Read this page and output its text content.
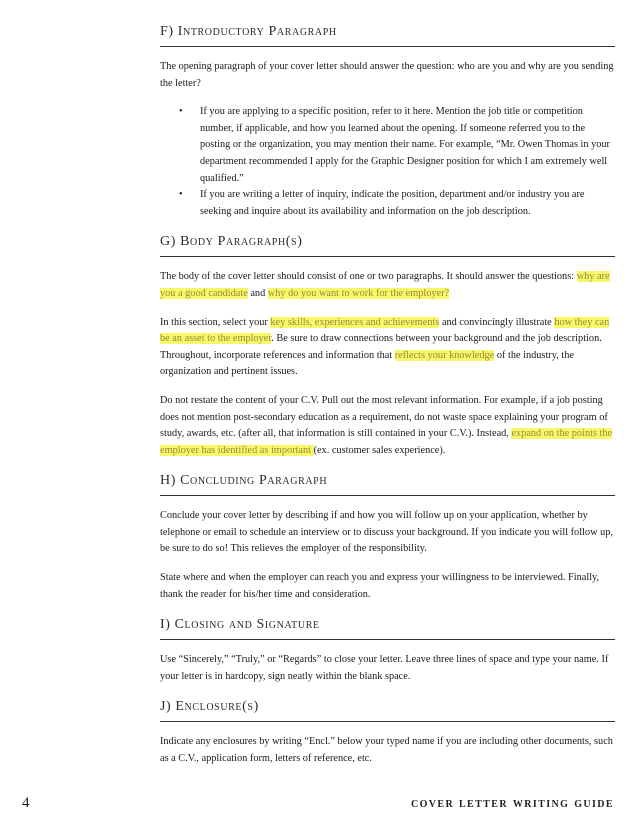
F) Introductory Paragraph

The opening paragraph of your cover letter should answer the question: who are you and why are you sending the letter?

• If you are applying to a specific position, refer to it here. Mention the job title or competition number, if applicable, and how you learned about the opening. If someone referred you to the posting or the organization, you may mention their name. For example, “Mr. Owen Thomas in your department recommended I apply for the Graphic Designer position for which I am extremely well qualified.”
• If you are writing a letter of inquiry, indicate the position, department and/or industry you are seeking and inquire about its availability and information on the job description.
G) Body Paragraph(s)

The body of the cover letter should consist of one or two paragraphs. It should answer the questions: why are you a good candidate and why do you want to work for the employer?

In this section, select your key skills, experiences and achievements and convincingly illustrate how they can be an asset to the employer. Be sure to draw connections between your background and the job description. Throughout, incorporate references and information that reflects your knowledge of the industry, the organization and pertinent issues.

Do not restate the content of your C.V. Pull out the most relevant information. For example, if a job posting does not mention post-secondary education as a requirement, do not waste space explaining your program of study, awards, etc. (after all, that information is still contained in your C.V.). Instead, expand on the points the employer has identified as important (ex. customer sales experience).

H) Concluding Paragraph

Conclude your cover letter by describing if and how you will follow up on your application, whether by telephone or email to schedule an interview or to discuss your background. If you indicate you will follow up, be sure to do so! This relieves the employer of the responsibility.

State where and when the employer can reach you and express your willingness to be interviewed. Finally, thank the reader for his/her time and consideration.

I) Closing and Signature

Use “Sincerely,” “Truly,” or “Regards” to close your letter. Leave three lines of space and type your name. If your letter is in hardcopy, sign neatly within the blank space.

J) Enclosure(s)

Indicate any enclosures by writing “Encl.” below your typed name if you are including other documents, such as a C.V., application form, letters of reference, etc.

4	cover letter writing guide
